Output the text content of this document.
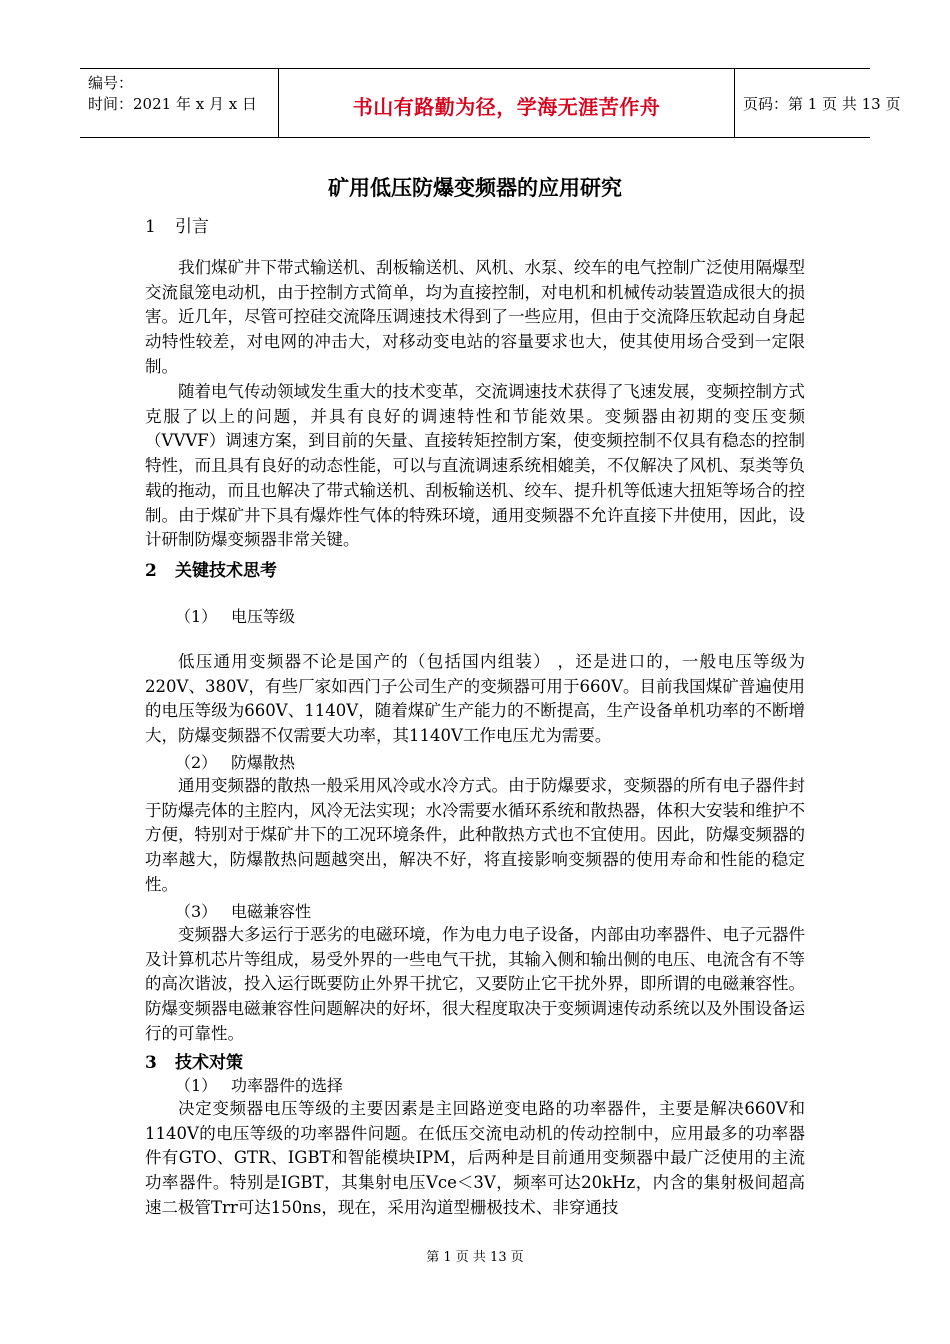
编号：
时间：2021 年 x 月 x 日	书山有路勤为径，学海无涯苦作舟	页码：第 1 页 共 13 页
矿用低压防爆变频器的应用研究
1 引言

我们煤矿井下带式输送机、刮板输送机、风机、水泵、绞车的电气控制广泛使用隔爆型交流鼠笼电动机，由于控制方式简单，均为直接控制，对电机和机械传动装置造成很大的损害。近几年，尽管可控硅交流降压调速技术得到了一些应用，但由于交流降压软起动自身起动特性较差，对电网的冲击大，对移动变电站的容量要求也大，使其使用场合受到一定限制。

随着电气传动领域发生重大的技术变革，交流调速技术获得了飞速发展，变频控制方式克服了以上的问题，并具有良好的调速特性和节能效果。变频器由初期的变压变频（VVVF）调速方案，到目前的矢量、直接转矩控制方案，使变频控制不仅具有稳态的控制特性，而且具有良好的动态性能，可以与直流调速系统相媲美，不仅解决了风机、泵类等负载的拖动，而且也解决了带式输送机、刮板输送机、绞车、提升机等低速大扭矩等场合的控制。由于煤矿井下具有爆炸性气体的特殊环境，通用变频器不允许直接下井使用，因此，设计研制防爆变频器非常关键。

2 关键技术思考
（1） 电压等级

低压通用变频器不论是国产的（包括国内组装） ，还是进口的，一般电压等级为220V、380V，有些厂家如西门子公司生产的变频器可用于660V。目前我国煤矿普遍使用的电压等级为660V、1140V，随着煤矿生产能力的不断提高，生产设备单机功率的不断增大，防爆变频器不仅需要大功率，其1140V工作电压尤为需要。

（2） 防爆散热

通用变频器的散热一般采用风冷或水冷方式。由于防爆要求，变频器的所有电子器件封于防爆壳体的主腔内，风冷无法实现；水冷需要水循环系统和散热器，体积大安装和维护不方便，特别对于煤矿井下的工况环境条件，此种散热方式也不宜使用。因此，防爆变频器的功率越大，防爆散热问题越突出，解决不好，将直接影响变频器的使用寿命和性能的稳定性。

（3） 电磁兼容性

变频器大多运行于恶劣的电磁环境，作为电力电子设备，内部由功率器件、电子元器件及计算机芯片等组成，易受外界的一些电气干扰，其输入侧和输出侧的电压、电流含有不等的高次谐波，投入运行既要防止外界干扰它，又要防止它干扰外界，即所谓的电磁兼容性。防爆变频器电磁兼容性问题解决的好坏，很大程度取决于变频调速传动系统以及外围设备运行的可靠性。

3 技术对策
（1） 功率器件的选择

决定变频器电压等级的主要因素是主回路逆变电路的功率器件，主要是解决660V和1140V的电压等级的功率器件问题。在低压交流电动机的传动控制中，应用最多的功率器件有GTO、GTR、IGBT和智能模块IPM，后两种是目前通用变频器中最广泛使用的主流功率器件。特别是IGBT，其集射电压Vce＜3V，频率可达20kHz，内含的集射极间超高速二极管Trr可达150ns，现在，采用沟道型栅极技术、非穿通技

第 1 页 共 13 页
